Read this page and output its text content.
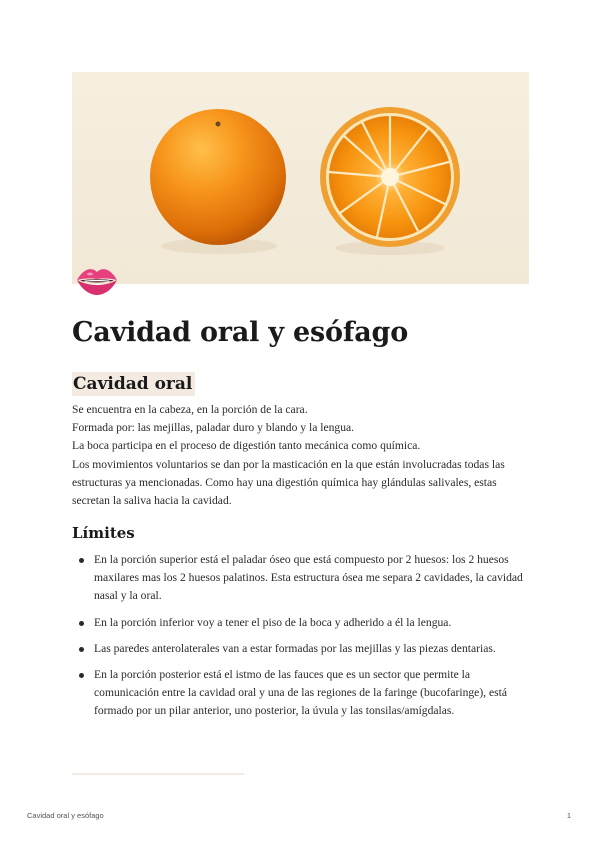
Cavidad oral y esófago
Cavidad oral

Se encuentra en la cabeza, en la porción de la cara.

Formada por: las mejillas, paladar duro y blando y la lengua.

La boca participa en el proceso de digestión tanto mecánica como química.

Los movimientos voluntarios se dan por la masticación en la que están involucradas todas las estructuras ya mencionadas. Como hay una digestión química hay glándulas salivales, estas secretan la saliva hacia la cavidad.

Límites
En la porción superior está el paladar óseo que está compuesto por 2 huesos: los 2 huesos maxilares mas los 2 huesos palatinos. Esta estructura ósea me separa 2 cavidades, la cavidad nasal y la oral.
En la porción inferior voy a tener el piso de la boca y adherido a él la lengua.
Las paredes anterolaterales van a estar formadas por las mejillas y las piezas dentarias.
En la porción posterior está el istmo de las fauces que es un sector que permite la comunicación entre la cavidad oral y una de las regiones de la faringe (bucofaringe), está formado por un pilar anterior, uno posterior, la úvula y las tonsilas/amígdalas.
Cavidad oral y esófago	1
